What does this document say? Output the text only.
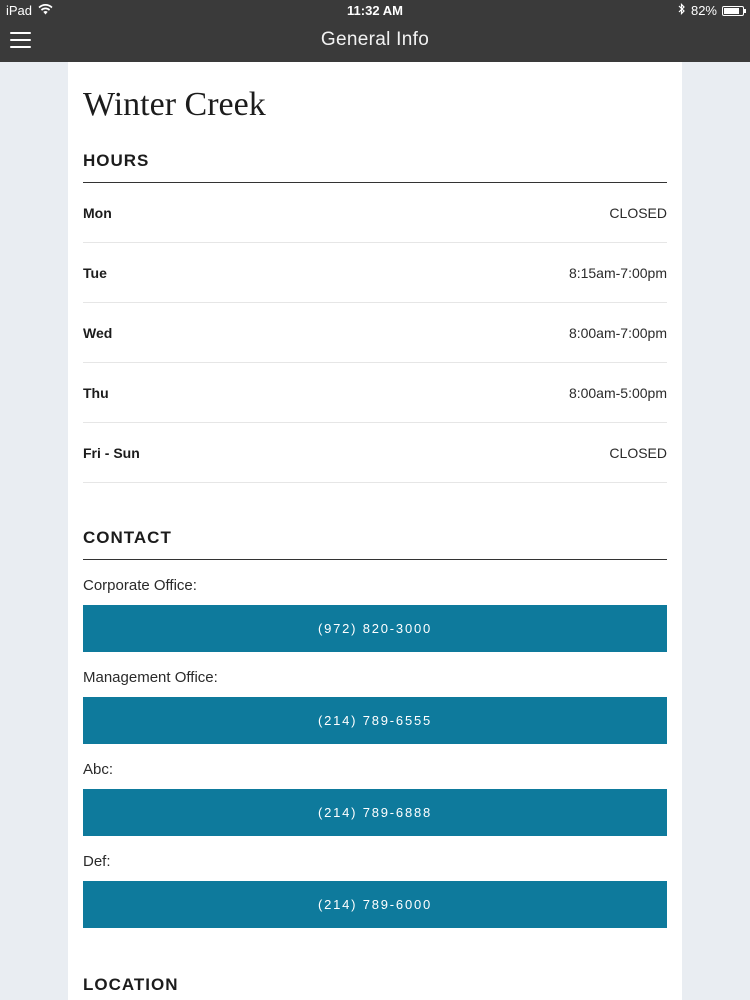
iPad	11:32 AM	82%
General Info
Winter Creek
HOURS
Mon	CLOSED
Tue	8:15am-7:00pm
Wed	8:00am-7:00pm
Thu	8:00am-5:00pm
Fri - Sun	CLOSED
CONTACT
Corporate Office:
(972) 820-3000
Management Office:
(214) 789-6555
Abc:
(214) 789-6888
Def:
(214) 789-6000
LOCATION
